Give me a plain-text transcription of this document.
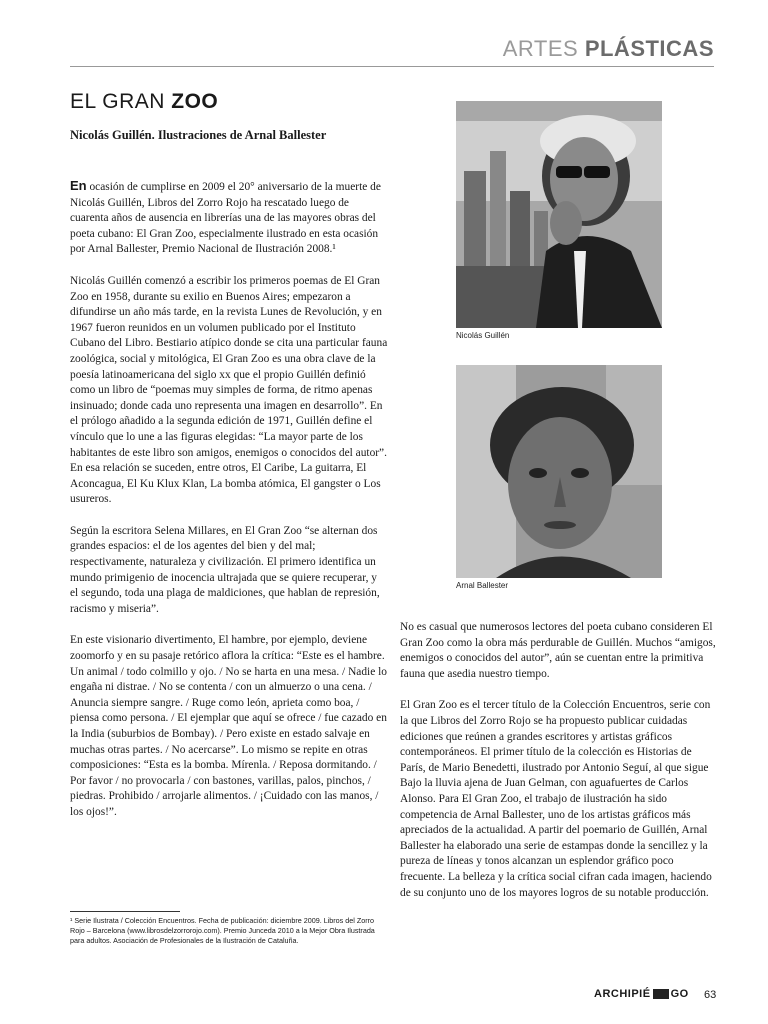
ARTES PLÁSTICAS
EL GRAN ZOO
Nicolás Guillén. Ilustraciones de Arnal Ballester

En ocasión de cumplirse en 2009 el 20° aniversario de la muerte de Nicolás Guillén, Libros del Zorro Rojo ha rescatado luego de cuarenta años de ausencia en librerías una de las mayores obras del poeta cubano: El Gran Zoo, especialmente ilustrado en esta ocasión por Arnal Ballester, Premio Nacional de Ilustración 2008.¹

Nicolás Guillén comenzó a escribir los primeros poemas de El Gran Zoo en 1958, durante su exilio en Buenos Aires; empezaron a difundirse un año más tarde, en la revista Lunes de Revolución, y en 1967 fueron reunidos en un volumen publicado por el Instituto Cubano del Libro. Bestiario atípico donde se cita una particular fauna zoológica, social y mitológica, El Gran Zoo es una obra clave de la poesía latinoamericana del siglo xx que el propio Guillén definió como un libro de “poemas muy simples de forma, de ritmo apenas insinuado; donde cada uno representa una imagen en desarrollo”. En el prólogo añadido a la segunda edición de 1971, Guillén define el vínculo que lo une a las figuras elegidas: “La mayor parte de los habitantes de este libro son amigos, enemigos o conocidos del autor”. En esa relación se suceden, entre otros, El Caribe, La guitarra, El Aconcagua, El Ku Klux Klan, La bomba atómica, El gangster o Los usureros.

Según la escritora Selena Millares, en El Gran Zoo “se alternan dos grandes espacios: el de los agentes del bien y del mal; respectivamente, naturaleza y civilización. El primero identifica un mundo primigenio de inocencia ultrajada que se quiere recuperar, y el segundo, toda una plaga de maldiciones, que hablan de represión, racismo y miseria”.

En este visionario divertimento, El hambre, por ejemplo, deviene zoomorfo y en su pasaje retórico aflora la crítica: “Este es el hambre. Un animal / todo colmillo y ojo. / No se harta en una mesa. / Nadie lo engaña ni distrae. / No se contenta / con un almuerzo o una cena. / Anuncia siempre sangre. / Ruge como león, aprieta como boa, / piensa como persona. / El ejemplar que aquí se ofrece / fue cazado en la India (suburbios de Bombay). / Pero existe en estado salvaje en muchas otras partes. / No acercarse”. Lo mismo se repite en otras composiciones: “Esta es la bomba. Mírenla. / Reposa dormitando. / Por favor / no provocarla / con bastones, varillas, palos, pinchos, / piedras. Prohibido / arrojarle alimentos. / ¡Cuidado con las manos, / los ojos!”.

Nicolás Guillén
Arnal Ballester

No es casual que numerosos lectores del poeta cubano consideren El Gran Zoo como la obra más perdurable de Guillén. Muchos “amigos, enemigos o conocidos del autor”, aún se cuentan entre la primitiva fauna que asedia nuestro tiempo.

El Gran Zoo es el tercer título de la Colección Encuentros, serie con la que Libros del Zorro Rojo se ha propuesto publicar cuidadas ediciones que reúnen a grandes escritores y artistas gráficos contemporáneos. El primer título de la colección es Historias de París, de Mario Benedetti, ilustrado por Antonio Seguí, al que sigue Bajo la lluvia ajena de Juan Gelman, con aguafuertes de Carlos Alonso. Para El Gran Zoo, el trabajo de ilustración ha sido competencia de Arnal Ballester, uno de los artistas gráficos más apreciados de la actualidad. A partir del poemario de Guillén, Arnal Ballester ha elaborado una serie de estampas donde la sencillez y la pureza de líneas y tonos alcanzan un esplendor gráfico poco frecuente. La belleza y la crítica social cifran cada imagen, haciendo de su conjunto uno de los mayores logros de su notable producción.

¹ Serie Ilustrata / Colección Encuentros. Fecha de publicación: diciembre 2009. Libros del Zorro Rojo – Barcelona (www.librosdelzorrorojo.com). Premio Junceda 2010 a la Mejor Obra Ilustrada para adultos. Asociación de Profesionales de la Ilustración de Cataluña.
ARCHIPIÉ GO 63
